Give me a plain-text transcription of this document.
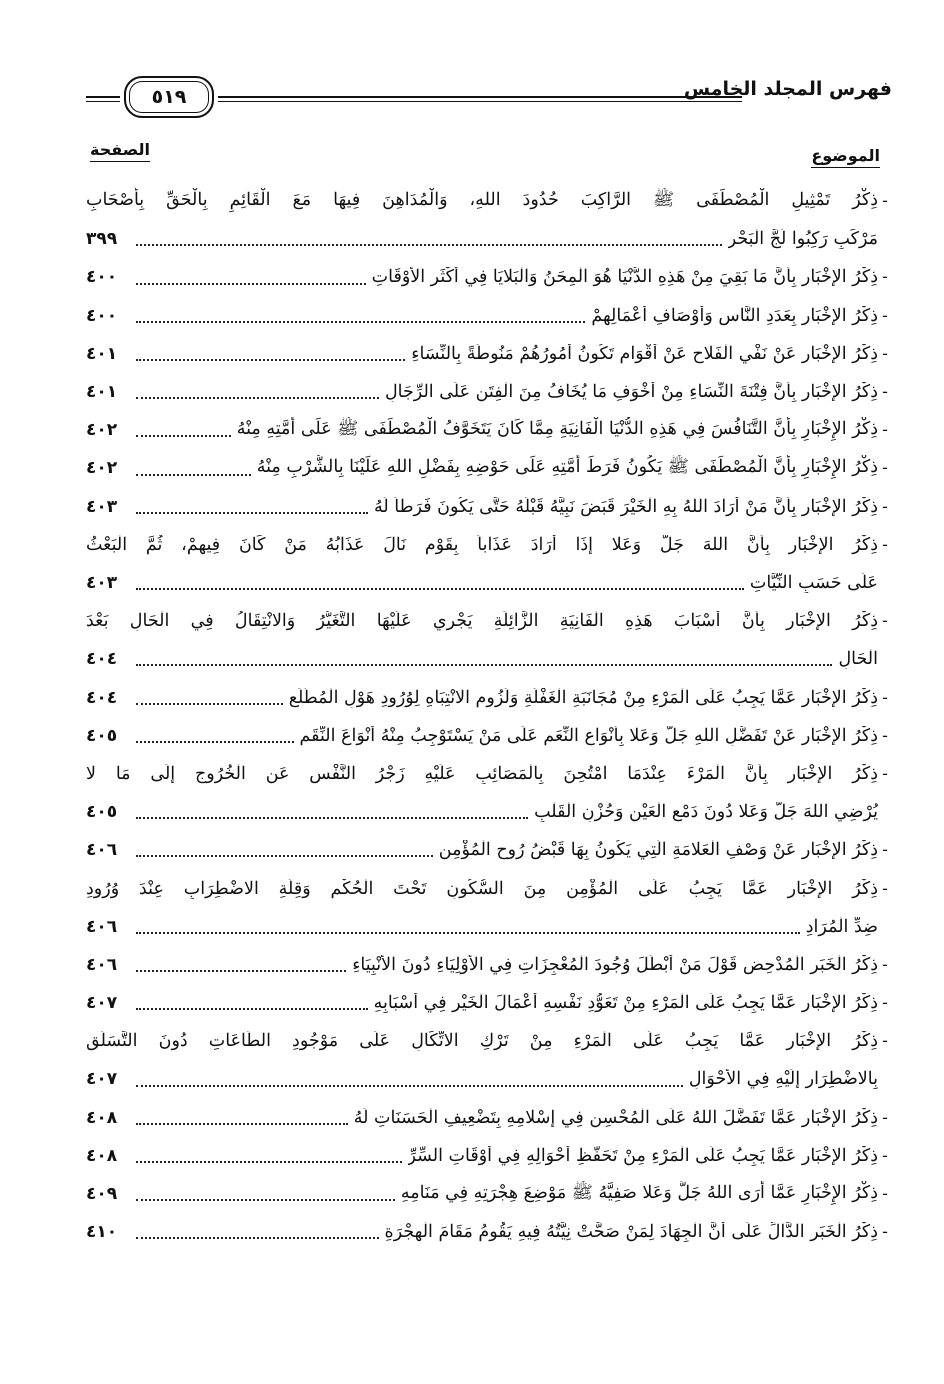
٥١٩	فهرس المجلد الخامس
الموضوع
الصفحة
-
ذِكْرُ تَمْثِيلِ الْمُصْطَفَى ﷺ الرَّاكِبَ حُدُودَ اللهِ، وَالْمُدَاهِنَ فِيهَا مَعَ الْقَائِمِ بِالْحَقِّ بِأَصْحَابِ
مَرْكَبٍ رَكِبُوا لُجَّ الْبَحْرِ
٣٩٩
-
ذِكْرُ الإِخْبَارِ بِأَنَّ مَا بَقِيَ مِنْ هَذِهِ الدُّنْيَا هُوَ الْمِحَنُ وَالْبَلايَا فِي أَكْثَرِ الأَوْقَاتِ
٤٠٠
-
ذِكْرُ الإِخْبَارِ بِعَدَدِ النَّاسِ وَأَوْصَافِ أَعْمَالِهِمْ
٤٠٠
-
ذِكْرُ الإِخْبَارِ عَنْ نَفْيِ الْفَلاحِ عَنْ أَقْوَامٍ تَكُونُ أُمُورُهُمْ مَنُوطَةً بِالنِّسَاءِ
٤٠١
-
ذِكْرُ الإِخْبَارِ بِأَنَّ فِتْنَةَ النِّسَاءِ مِنْ أَخْوَفِ مَا يُخَافُ مِنَ الْفِتَنِ عَلَى الرِّجَالِ
٤٠١
-
ذِكْرُ الإِخْبَارِ بِأَنَّ التَّنَافُسَ فِي هَذِهِ الدُّنْيَا الْفَانِيَةِ مِمَّا كَانَ يَتَخَوَّفُ الْمُصْطَفَى ﷺ عَلَى أُمَّتِهِ مِنْهُ
٤٠٢
-
ذِكْرُ الإِخْبَارِ بِأَنَّ الْمُصْطَفَى ﷺ يَكُونُ فَرَطَ أُمَّتِهِ عَلَى حَوْضِهِ بِفَضْلِ اللهِ عَلَيْنَا بِالشُّرْبِ مِنْهُ
٤٠٢
-
ذِكْرُ الإِخْبَارِ بِأَنَّ مَنْ أَرَادَ اللهُ بِهِ الْخَيْرَ قَبَضَ نَبِيَّهُ قَبْلَهُ حَتَّى يَكُونَ فَرَطاً لَهُ
٤٠٣
-
ذِكْرُ الإِخْبَارِ بِأَنَّ اللهَ جَلَّ وَعَلا إِذَا أَرَادَ عَذَاباً بِقَوْمٍ نَالَ عَذَابُهُ مَنْ كَانَ فِيهِمْ، ثُمَّ الْبَعْثُ
عَلَى حَسَبِ النِّيَّاتِ
٤٠٣
-
ذِكْرُ الإِخْبَارِ بِأَنَّ أَسْبَابَ هَذِهِ الْفَانِيَةِ الزَّائِلَةِ يَجْرِي عَلَيْهَا التَّغَيُّرُ وَالانْتِقَالُ فِي الْحَالِ بَعْدَ
الْحَالِ
٤٠٤
-
ذِكْرُ الإِخْبَارِ عَمَّا يَجِبُ عَلَى الْمَرْءِ مِنْ مُجَانَبَةِ الْغَفْلَةِ وَلُزُومِ الانْتِبَاهِ لِوُرُودِ هَوْلِ الْمُطَّلَعِ
٤٠٤
-
ذِكْرُ الإِخْبَارِ عَنْ تَفَضُّلِ اللهِ جَلَّ وَعَلا بِأَنْوَاعِ النِّعَمِ عَلَى مَنْ يَسْتَوْجِبُ مِنْهُ أَنْوَاعَ النِّقَمِ
٤٠٥
-
ذِكْرُ الإِخْبَارِ بِأَنَّ الْمَرْءَ عِنْدَمَا امْتُحِنَ بِالْمَصَائِبِ عَلَيْهِ زَجْرُ النَّفْسِ عَنِ الْخُرُوجِ إِلَى مَا لا
يُرْضِي اللهَ جَلَّ وَعَلا دُونَ دَمْعِ الْعَيْنِ وَحُزْنِ الْقَلْبِ
٤٠٥
-
ذِكْرُ الإِخْبَارِ عَنْ وَصْفِ الْعَلامَةِ الَّتِي يَكُونُ بِهَا قَبْضُ رُوحِ الْمُؤْمِنِ
٤٠٦
-
ذِكْرُ الإِخْبَارِ عَمَّا يَجِبُ عَلَى الْمُؤْمِنِ مِنَ السُّكُونِ تَحْتَ الْحُكْمِ وَقِلَّةِ الاضْطِرَابِ عِنْدَ وُرُودِ
ضِدِّ الْمُرَادِ
٤٠٦
-
ذِكْرُ الْخَبَرِ الْمُدْحِضِ قَوْلَ مَنْ أَبْطَلَ وُجُودَ الْمُعْجِزَاتِ فِي الأَوْلِيَاءِ دُونَ الأَنْبِيَاءِ
٤٠٦
-
ذِكْرُ الإِخْبَارِ عَمَّا يَجِبُ عَلَى الْمَرْءِ مِنْ تَعَوُّدِ نَفْسِهِ أَعْمَالَ الْخَيْرِ فِي أَسْبَابِهِ
٤٠٧
-
ذِكْرُ الإِخْبَارِ عَمَّا يَجِبُ عَلَى الْمَرْءِ مِنْ تَرْكِ الاتِّكَالِ عَلَى مَوْجُودِ الطَّاعَاتِ دُونَ التَّسَلُّقِ
بِالاضْطِرَارِ إِلَيْهِ فِي الأَحْوَالِ
٤٠٧
-
ذِكْرُ الإِخْبَارِ عَمَّا تَفَضَّلَ اللهُ عَلَى الْمُحْسِنِ فِي إِسْلامِهِ بِتَضْعِيفِ الْحَسَنَاتِ لَهُ
٤٠٨
-
ذِكْرُ الإِخْبَارِ عَمَّا يَجِبُ عَلَى الْمَرْءِ مِنْ تَحَفُّظِ أَحْوَالِهِ فِي أَوْقَاتِ السِّرِّ
٤٠٨
-
ذِكْرُ الإِخْبَارِ عَمَّا أَرَى اللهُ جَلَّ وَعَلا صَفِيَّهُ ﷺ مَوْضِعَ هِجْرَتِهِ فِي مَنَامِهِ
٤٠٩
-
ذِكْرُ الْخَبَرِ الدَّالِّ عَلَى أَنَّ الْجِهَادَ لِمَنْ صَحَّتْ نِيَّتُهُ فِيهِ يَقُومُ مَقَامَ الْهِجْرَةِ
٤١٠
